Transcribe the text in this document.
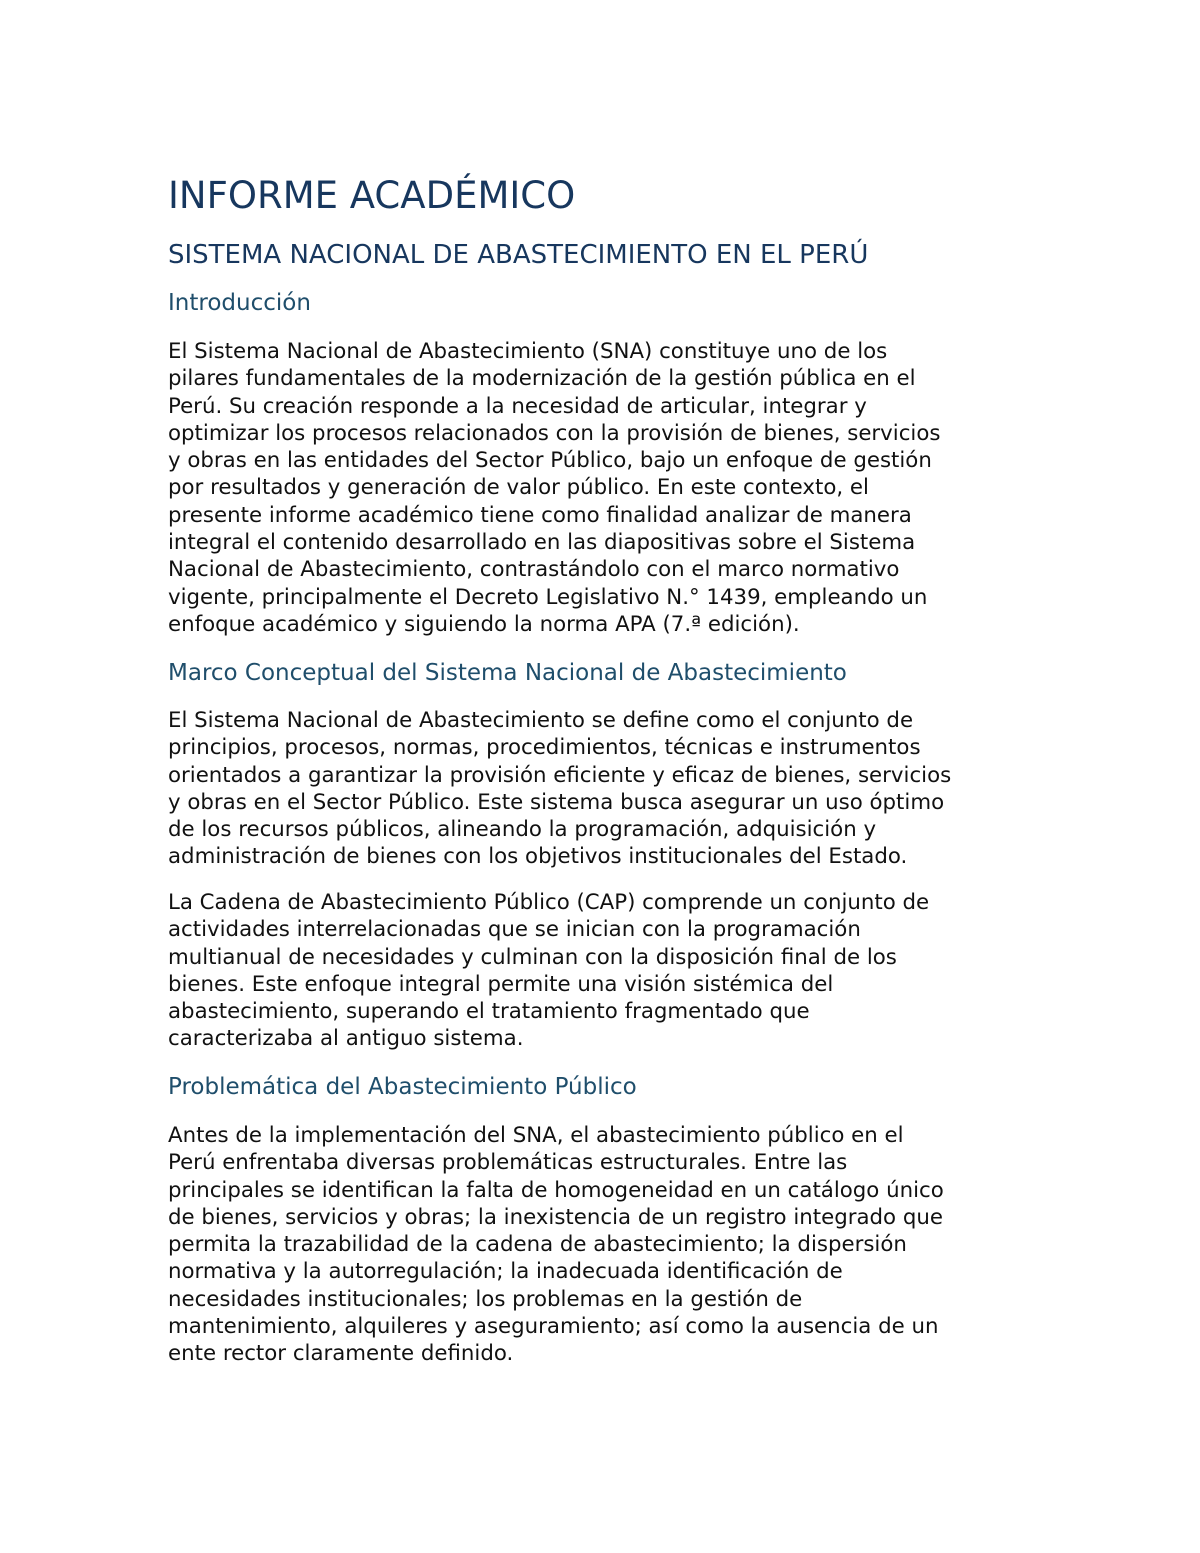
INFORME ACADÉMICO
SISTEMA NACIONAL DE ABASTECIMIENTO EN EL PERÚ
Introducción
El Sistema Nacional de Abastecimiento (SNA) constituye uno de los
pilares fundamentales de la modernización de la gestión pública en el
Perú. Su creación responde a la necesidad de articular, integrar y
optimizar los procesos relacionados con la provisión de bienes, servicios
y obras en las entidades del Sector Público, bajo un enfoque de gestión
por resultados y generación de valor público. En este contexto, el
presente informe académico tiene como finalidad analizar de manera
integral el contenido desarrollado en las diapositivas sobre el Sistema
Nacional de Abastecimiento, contrastándolo con el marco normativo
vigente, principalmente el Decreto Legislativo N.° 1439, empleando un
enfoque académico y siguiendo la norma APA (7.ª edición).
Marco Conceptual del Sistema Nacional de Abastecimiento
El Sistema Nacional de Abastecimiento se define como el conjunto de
principios, procesos, normas, procedimientos, técnicas e instrumentos
orientados a garantizar la provisión eficiente y eficaz de bienes, servicios
y obras en el Sector Público. Este sistema busca asegurar un uso óptimo
de los recursos públicos, alineando la programación, adquisición y
administración de bienes con los objetivos institucionales del Estado.
La Cadena de Abastecimiento Público (CAP) comprende un conjunto de
actividades interrelacionadas que se inician con la programación
multianual de necesidades y culminan con la disposición final de los
bienes. Este enfoque integral permite una visión sistémica del
abastecimiento, superando el tratamiento fragmentado que
caracterizaba al antiguo sistema.
Problemática del Abastecimiento Público
Antes de la implementación del SNA, el abastecimiento público en el
Perú enfrentaba diversas problemáticas estructurales. Entre las
principales se identifican la falta de homogeneidad en un catálogo único
de bienes, servicios y obras; la inexistencia de un registro integrado que
permita la trazabilidad de la cadena de abastecimiento; la dispersión
normativa y la autorregulación; la inadecuada identificación de
necesidades institucionales; los problemas en la gestión de
mantenimiento, alquileres y aseguramiento; así como la ausencia de un
ente rector claramente definido.
